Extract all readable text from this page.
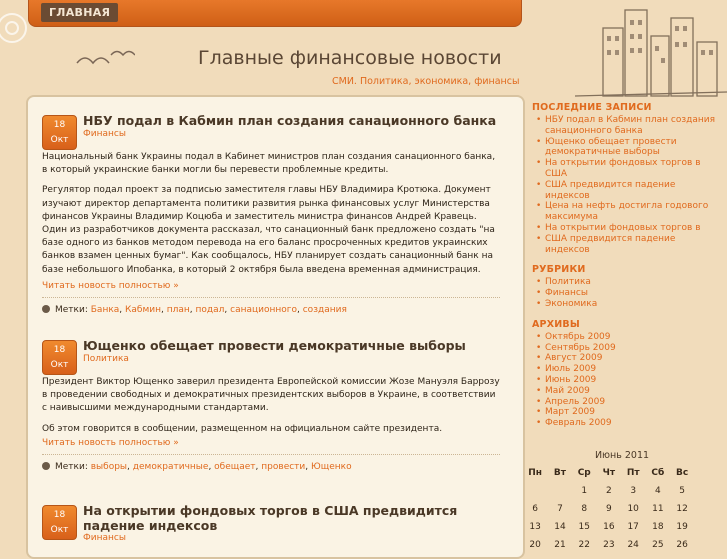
ГЛАВНАЯ
Главные финансовые новости
СМИ. Политика, экономика, финансы
18
Окт
НБУ подал в Кабмин план создания санационного банка
Финансы

Национальный банк Украины подал в Кабинет министров план создания санационного банка, в который украинские банки могли бы перевести проблемные кредиты.

Регулятор подал проект за подписью заместителя главы НБУ Владимира Кротюка. Документ изучают директор департамента политики развития рынка финансовых услуг Министерства финансов Украины Владимир Коцюба и заместитель министра финансов Андрей Кравець. Один из разработчиков документа рассказал, что санационный банк предложено создать "на базе одного из банков методом перевода на его баланс просроченных кредитов украинских банков взамен ценных бумаг". Как сообщалось, НБУ планирует создать санационный банк на базе небольшого Ипобанка, в который 2 октября была введена временная администрация.

Читать новость полностью »
Метки: Банка, Кабмин, план, подал, санационного, создания
18
Окт
Ющенко обещает провести демократичные выборы
Политика

Президент Виктор Ющенко заверил президента Европейской комиссии Жозе Мануэля Баррозу в проведении свободных и демократичных президентских выборов в Украине, в соответствии с наивысшими международными стандартами.

Об этом говорится в сообщении, размещенном на официальном сайте президента.

Читать новость полностью »
Метки: выборы, демократичные, обещает, провести, Ющенко
18
Окт
На открытии фондовых торгов в США предвидится падение индексов
Финансы
ПОСЛЕДНИЕ ЗАПИСИ
• НБУ подал в Кабмин план создания санационного банка
• Ющенко обещает провести демократичные выборы
• На открытии фондовых торгов в США
• США предвидится падение индексов
• Цена на нефть достигла годового максимума
• На открытии фондовых торгов в
• США предвидится падение индексов
РУБРИКИ
• Политика
• Финансы
• Экономика
АРХИВЫ
• Октябрь 2009
• Сентябрь 2009
• Август 2009
• Июль 2009
• Июнь 2009
• Май 2009
• Апрель 2009
• Март 2009
• Февраль 2009
Июнь 2011
Пн	Вт	Ср	Чт	Пт	Сб	Вс
		1	2	3	4	5
6	7	8	9	10	11	12
13	14	15	16	17	18	19
20	21	22	23	24	25	26
